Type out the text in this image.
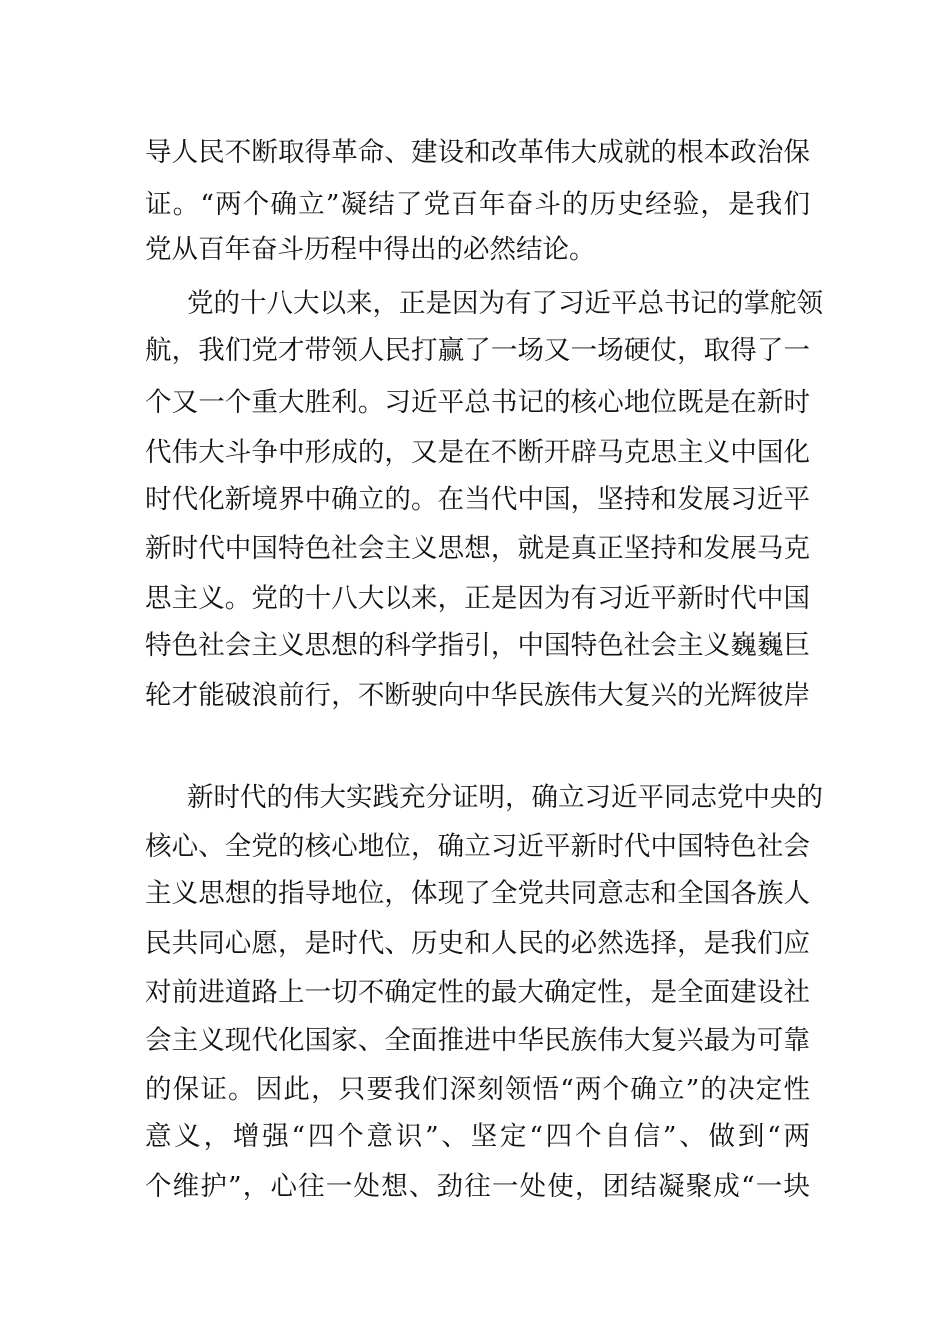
导人民不断取得革命、建设和改革伟大成就的根本政治保
证。“两个确立”凝结了党百年奋斗的历史经验，是我们
党从百年奋斗历程中得出的必然结论。
党的十八大以来，正是因为有了习近平总书记的掌舵领
航，我们党才带领人民打赢了一场又一场硬仗，取得了一
个又一个重大胜利。习近平总书记的核心地位既是在新时
代伟大斗争中形成的，又是在不断开辟马克思主义中国化
时代化新境界中确立的。在当代中国，坚持和发展习近平
新时代中国特色社会主义思想，就是真正坚持和发展马克
思主义。党的十八大以来，正是因为有习近平新时代中国
特色社会主义思想的科学指引，中国特色社会主义巍巍巨
轮才能破浪前行，不断驶向中华民族伟大复兴的光辉彼岸
新时代的伟大实践充分证明，确立习近平同志党中央的
核心、全党的核心地位，确立习近平新时代中国特色社会
主义思想的指导地位，体现了全党共同意志和全国各族人
民共同心愿，是时代、历史和人民的必然选择，是我们应
对前进道路上一切不确定性的最大确定性，是全面建设社
会主义现代化国家、全面推进中华民族伟大复兴最为可靠
的保证。因此，只要我们深刻领悟“两个确立”的决定性
意义，增强“四个意识”、坚定“四个自信”、做到“两
个维护”，心往一处想、劲往一处使，团结凝聚成“一块
